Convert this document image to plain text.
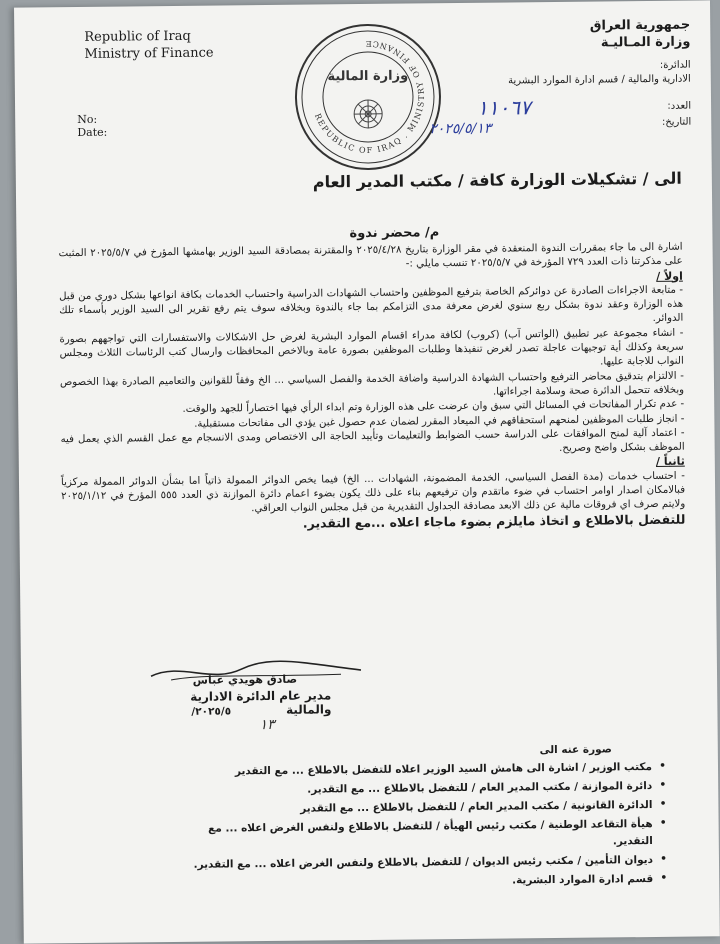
Republic of Iraq
Ministry of Finance
No:
Date:
REPUBLIC OF IRAQ . MINISTRY OF FINANCE
وزارة المالية
جمهورية العراق
وزارة المـاليـة
الدائرة:
الادارية والمالية / قسم ادارة الموارد البشرية
العدد:
التاريخ:
١١٠٦٧
٢٠٢٥/٥/١٣
الى / تشكيلات الوزارة كافة / مكتب المدير العام
م/ محضر ندوة

اشارة الى ما جاء بمقررات الندوة المنعقدة في مقر الوزارة بتاريخ ٢٠٢٥/٤/٢٨ والمقترنة بمصادقة السيد الوزير بهامشها المؤرخ في ٢٠٢٥/٥/٧ المثبت على مذكرتنا ذات العدد ٧٢٩ المؤرخة في ٢٠٢٥/٥/٧ تنسب مايلي :-

اولاً /

- متابعة الاجراءات الصادرة عن دوائركم الخاصة بترفيع الموظفين واحتساب الشهادات الدراسية واحتساب الخدمات بكافة انواعها بشكل دوري من قبل هذه الوزارة وعقد ندوة بشكل ربع سنوي لغرض معرفة مدى التزامكم بما جاء بالندوة وبخلافه سوف يتم رفع تقرير الى السيد الوزير بأسماء تلك الدوائر.

- انشاء مجموعة عبر تطبيق (الواتس آب) (كروب) لكافة مدراء اقسام الموارد البشرية لغرض حل الاشكالات والاستفسارات التي تواجههم بصورة سريعة وكذلك أية توجيهات عاجلة تصدر لغرض تنفيذها وطلبات الموظفين بصورة عامة وبالاخص المحافظات وارسال كتب الرئاسات الثلاث ومجلس النواب للاجابة عليها.

- الالتزام بتدقيق محاضر الترفيع واحتساب الشهادة الدراسية واضافة الخدمة والفصل السياسي ... الخ وفقاً للقوانين والتعاميم الصادرة بهذا الخصوص وبخلافه تتحمل الدائرة صحة وسلامة اجراءاتها.

- عدم تكرار المفاتحات في المسائل التي سبق وان عرضت على هذه الوزارة وتم ابداء الرأي فيها اختصاراً للجهد والوقت.

- انجاز طلبات الموظفين لمنحهم استحقاقهم في الميعاد المقرر لضمان عدم حصول غبن يؤدي الى مفاتحات مستقبلية.

- اعتماد آلية لمنح الموافقات على الدراسة حسب الضوابط والتعليمات وتأييد الحاجة الى الاختصاص ومدى الانسجام مع عمل القسم الذي يعمل فيه الموظف بشكل واضح وصريح.

ثانياً /

- احتساب خدمات (مدة الفصل السياسي، الخدمة المضمونة، الشهادات ... الخ) فيما يخص الدوائر الممولة ذاتياً اما بشأن الدوائر الممولة مركزياً فبالامكان اصدار اوامر احتساب في ضوء ماتقدم وان ترفيعهم بناء على ذلك يكون بضوء اعمام دائرة الموازنة ذي العدد ٥٥٥ المؤرخ في ٢٠٢٥/١/١٢ ولايتم صرف اي فروقات مالية عن ذلك الابعد مصادقة الجداول التقديرية من قبل مجلس النواب العراقي.

للتفضل بالاطلاع و اتخاذ مايلزم بضوء ماجاء اعلاه ...مع التقدير.

صادق هويدي عباس
مدير عام الدائرة الادارية والمالية
٢٠٢٥/٥/
١٣
صورة عنه الى
• مكتب الوزير / اشارة الى هامش السيد الوزير اعلاه للتفضل بالاطلاع ... مع التقدير
• دائرة الموازنة / مكتب المدير العام / للتفضل بالاطلاع ... مع التقدير.
• الدائرة القانونية / مكتب المدير العام / للتفضل بالاطلاع ... مع التقدير
• هيأة التقاعد الوطنية / مكتب رئيس الهيأة / للتفضل بالاطلاع ولنفس الغرض اعلاه ... مع التقدير.
• ديوان التأمين / مكتب رئيس الديوان / للتفضل بالاطلاع ولنفس الغرض اعلاه ... مع التقدير.
• قسم ادارة الموارد البشرية.
